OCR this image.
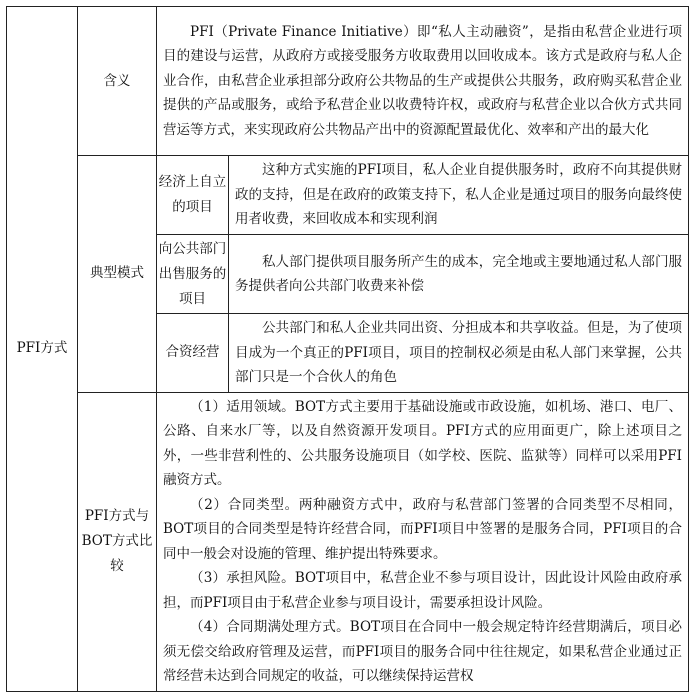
PFI方式	含义	PFI（Private Finance Initiative）即“私人主动融资”，是指由私营企业进行项目的建设与运营，从政府方或接受服务方收取费用以回收成本。该方式是政府与私人企业合作，由私营企业承担部分政府公共物品的生产或提供公共服务，政府购买私营企业提供的产品或服务，或给予私营企业以收费特许权，或政府与私营企业以合伙方式共同营运等方式，来实现政府公共物品产出中的资源配置最优化、效率和产出的最大化	
	典型模式	经济上自立的项目	这种方式实施的PFI项目，私人企业自提供服务时，政府不向其提供财政的支持，但是在政府的政策支持下，私人企业是通过项目的服务向最终使用者收费，来回收成本和实现利润
		向公共部门出售服务的项目	私人部门提供项目服务所产生的成本，完全地或主要地通过私人部门服务提供者向公共部门收费来补偿
		合资经营	公共部门和私人企业共同出资、分担成本和共享收益。但是，为了使项目成为一个真正的PFI项目，项目的控制权必须是由私人部门来掌握，公共部门只是一个合伙人的角色
	PFI方式与BOT方式比较	（1）适用领域。BOT方式主要用于基础设施或市政设施，如机场、港口、电厂、公路、自来水厂等，以及自然资源开发项目。PFI方式的应用面更广，除上述项目之外，一些非营利性的、公共服务设施项目（如学校、医院、监狱等）同样可以采用PFI融资方式。

（2）合同类型。两种融资方式中，政府与私营部门签署的合同类型不尽相同，BOT项目的合同类型是特许经营合同，而PFI项目中签署的是服务合同，PFI项目的合同中一般会对设施的管理、维护提出特殊要求。

（3）承担风险。BOT项目中，私营企业不参与项目设计，因此设计风险由政府承担，而PFI项目由于私营企业参与项目设计，需要承担设计风险。

（4）合同期满处理方式。BOT项目在合同中一般会规定特许经营期满后，项目必须无偿交给政府管理及运营，而PFI项目的服务合同中往往规定，如果私营企业通过正常经营未达到合同规定的收益，可以继续保持运营权	
